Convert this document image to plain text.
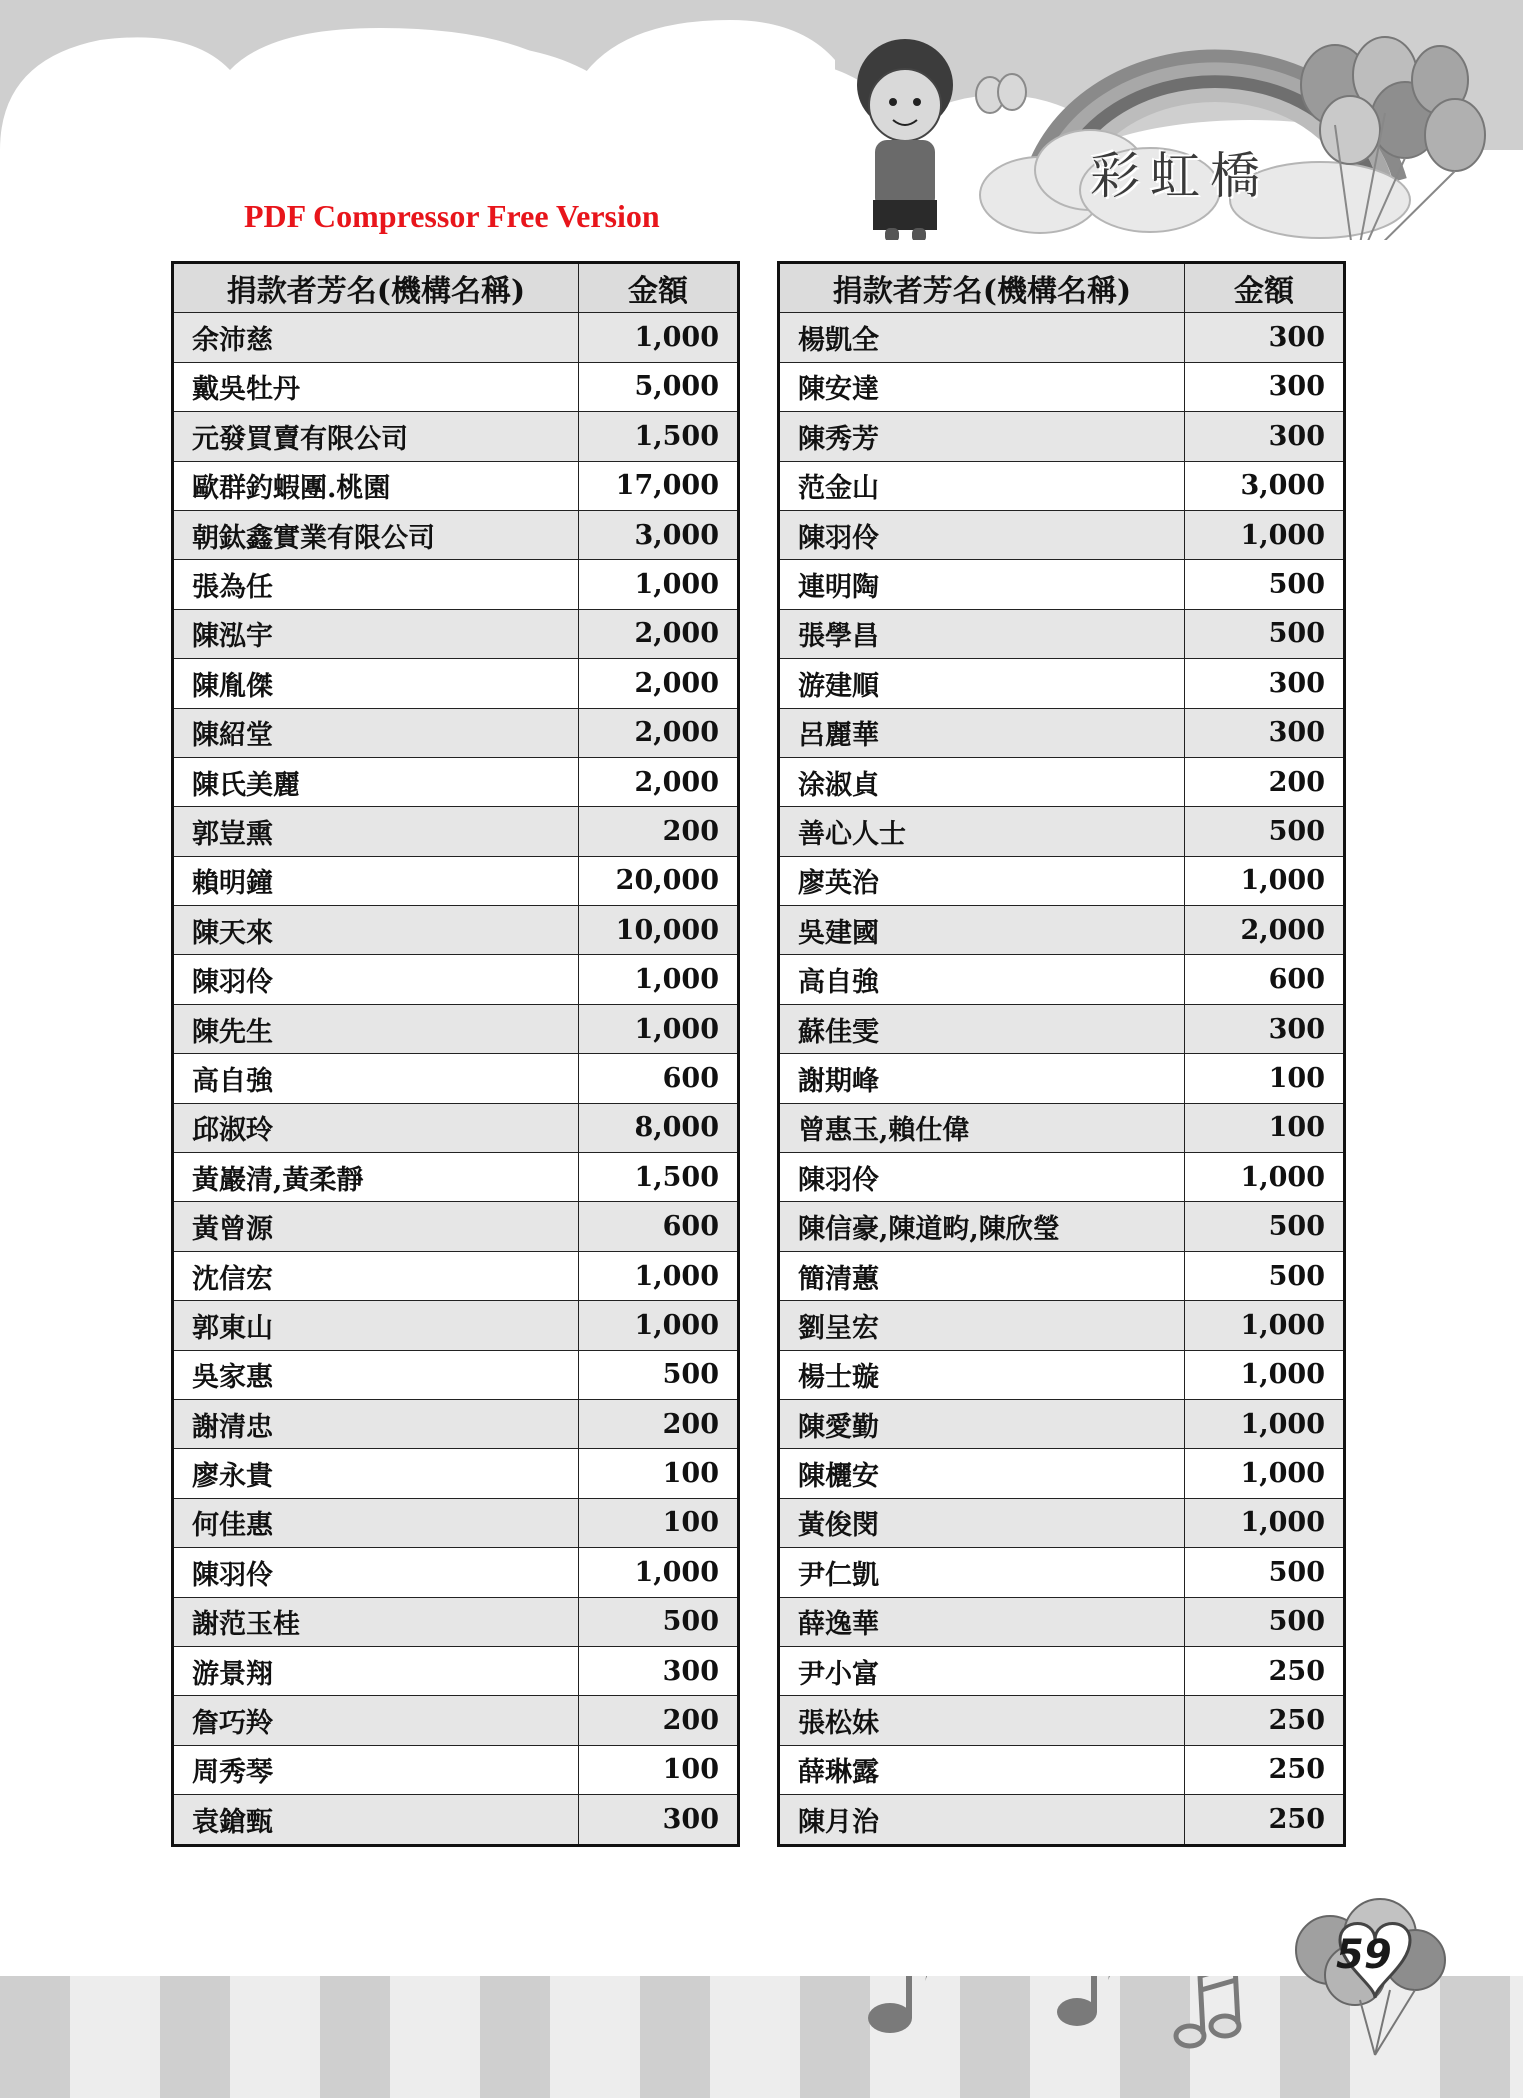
PDF Compressor Free Version
彩虹橋
捐款者芳名(機構名稱)	金額
余沛慈	1,000
戴吳牡丹	5,000
元發買賣有限公司	1,500
歐群釣蝦團.桃園	17,000
朝鈦鑫實業有限公司	3,000
張為任	1,000
陳泓宇	2,000
陳胤傑	2,000
陳紹堂	2,000
陳氏美麗	2,000
郭豈熏	200
賴明鐘	20,000
陳天來	10,000
陳羽伶	1,000
陳先生	1,000
高自強	600
邱淑玲	8,000
黃巖清,黃柔靜	1,500
黃曾源	600
沈信宏	1,000
郭東山	1,000
吳家惠	500
謝清忠	200
廖永貴	100
何佳惠	100
陳羽伶	1,000
謝范玉桂	500
游景翔	300
詹巧羚	200
周秀琴	100
袁鎗甄	300
捐款者芳名(機構名稱)	金額
楊凱全	300
陳安達	300
陳秀芳	300
范金山	3,000
陳羽伶	1,000
連明陶	500
張學昌	500
游建順	300
呂麗華	300
涂淑貞	200
善心人士	500
廖英治	1,000
吳建國	2,000
高自強	600
蘇佳雯	300
謝期峰	100
曾惠玉,賴仕偉	100
陳羽伶	1,000
陳信豪,陳道畇,陳欣瑩	500
簡清蕙	500
劉呈宏	1,000
楊士璇	1,000
陳愛勤	1,000
陳欐安	1,000
黃俊閔	1,000
尹仁凱	500
薛逸華	500
尹小富	250
張松妹	250
薛琳露	250
陳月治	250
59
